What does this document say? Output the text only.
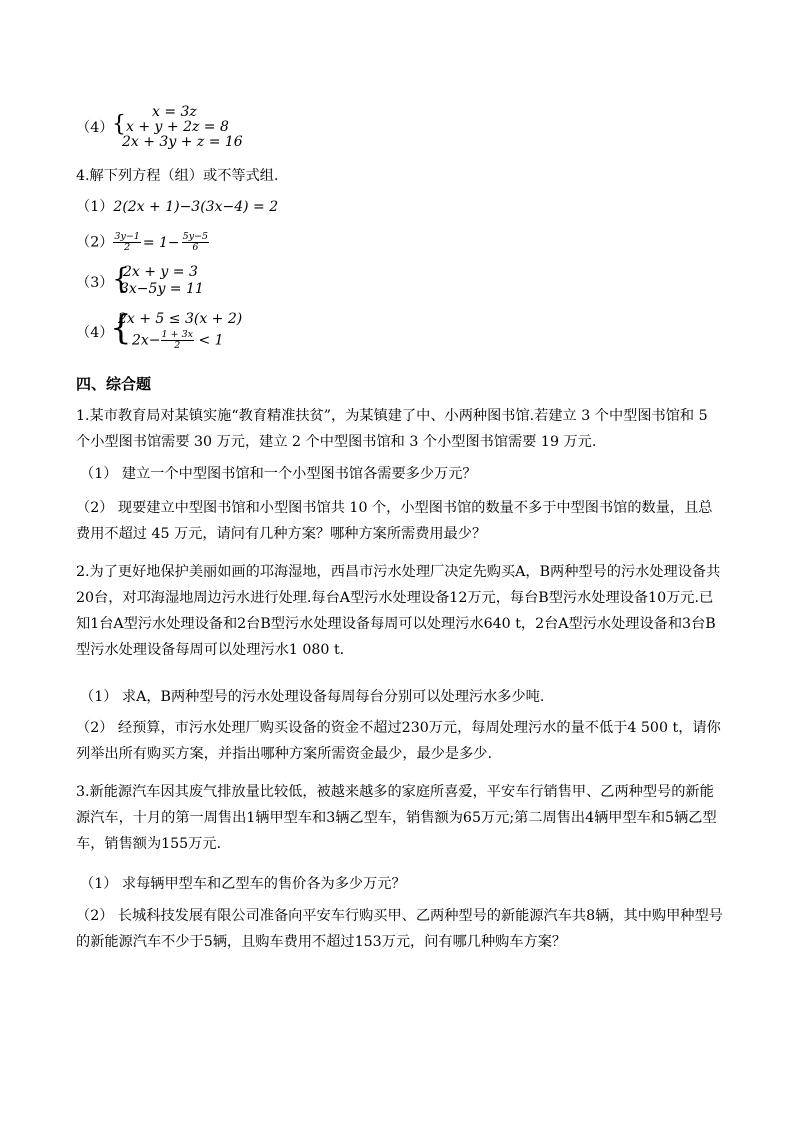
（4）
{ x = 3z
x + y + 2z = 8
2x + 3y + z = 16
4.解下列方程（组）或不等式组．
（1）2(2x + 1)−3(3x−4) = 2
$(2) \frac{3y-1}{2} = 1- \frac{5y-5}{6}$
（3）
{
2x + y = 3
3x−5y = 11
（4）
{
2x + 5 ≤ 3(x + 2)
$2x- \frac{1 + 3x}{2} < 1$
四、综合题
1.某市教育局对某镇实施“教育精准扶贫”，为某镇建了中、小两种图书馆.若建立 3 个中型图书馆和 5 个小型图书馆需要 30 万元，建立 2 个中型图书馆和 3 个小型图书馆需要 19 万元.
（1） 建立一个中型图书馆和一个小型图书馆各需要多少万元？
（2） 现要建立中型图书馆和小型图书馆共 10 个，小型图书馆的数量不多于中型图书馆的数量，且总费用不超过 45 万元，请问有几种方案？哪种方案所需费用最少？
2.为了更好地保护美丽如画的邛海湿地，西昌市污水处理厂决定先购买A，B两种型号的污水处理设备共20台，对邛海湿地周边污水进行处理.每台A型污水处理设备12万元，每台B型污水处理设备10万元.已知1台A型污水处理设备和2台B型污水处理设备每周可以处理污水640 t，2台A型污水处理设备和3台B型污水处理设备每周可以处理污水1 080 t.
（1） 求A，B两种型号的污水处理设备每周每台分别可以处理污水多少吨.
（2） 经预算，市污水处理厂购买设备的资金不超过230万元，每周处理污水的量不低于4 500 t，请你列举出所有购买方案，并指出哪种方案所需资金最少，最少是多少.
3.新能源汽车因其废气排放量比较低，被越来越多的家庭所喜爱，平安车行销售甲、乙两种型号的新能源汽车，十月的第一周售出1辆甲型车和3辆乙型车，销售额为65万元;第二周售出4辆甲型车和5辆乙型车，销售额为155万元．
（1） 求每辆甲型车和乙型车的售价各为多少万元？
（2） 长城科技发展有限公司准备向平安车行购买甲、乙两种型号的新能源汽车共8辆，其中购甲种型号的新能源汽车不少于5辆，且购车费用不超过153万元，问有哪几种购车方案？
